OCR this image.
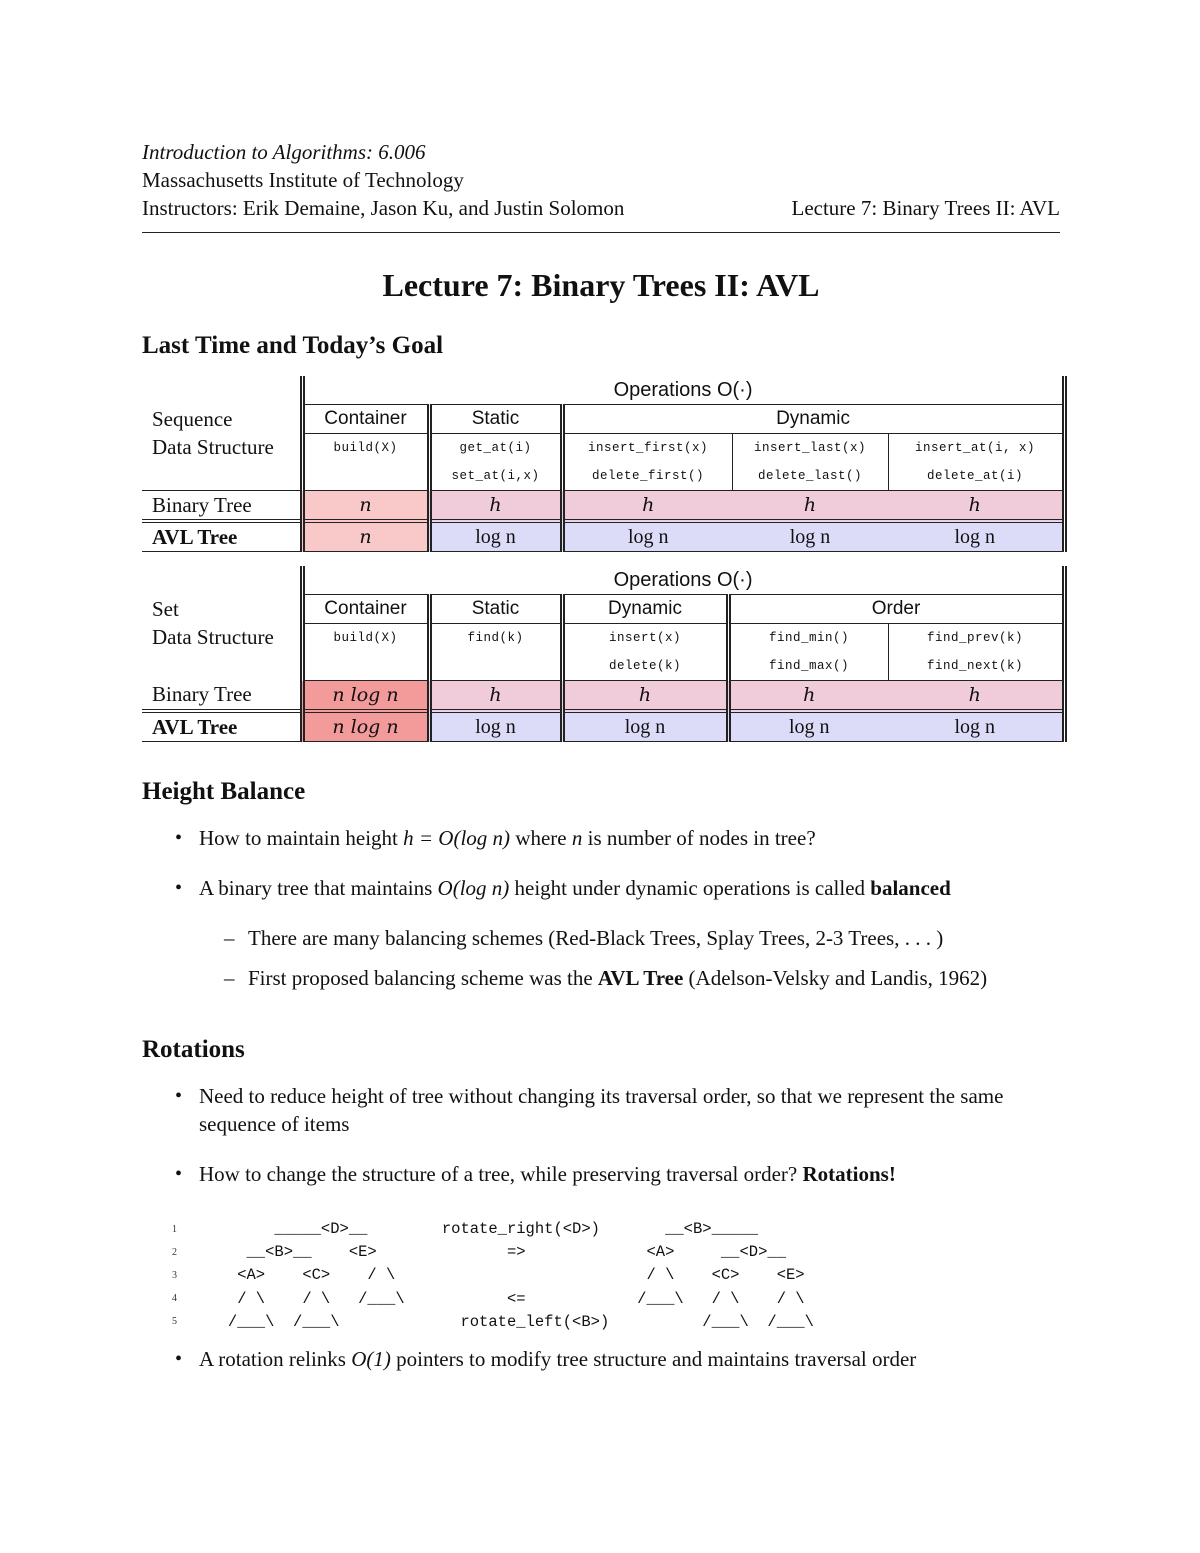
Introduction to Algorithms: 6.006
Massachusetts Institute of Technology
Instructors: Erik Demaine, Jason Ku, and Justin Solomon	Lecture 7: Binary Trees II: AVL
Lecture 7: Binary Trees II: AVL
Last Time and Today’s Goal
	Operations O(·)				

Sequence
Data Structure	Container	Static	Dynamic		
	build(X)	get_at(i)	insert_first(x)	insert_last(x)	insert_at(i, x)
		set_at(i,x)	delete_first()	delete_last()	delete_at(i)
Binary Tree	n	h	h	h	h
AVL Tree	n	log n	log n	log n	log n
	Operations O(·)				

Set
Data Structure	Container	Static	Dynamic	Order	
	build(X)	find(k)	insert(x)	find_min()	find_prev(k)
			delete(k)	find_max()	find_next(k)
Binary Tree	n log n	h	h	h	h
AVL Tree	n log n	log n	log n	log n	log n
Height Balance
• How to maintain height h = O(log n) where n is number of nodes in tree?
• A binary tree that maintains O(log n) height under dynamic operations is called balanced
– There are many balancing schemes (Red-Black Trees, Splay Trees, 2-3 Trees, . . . )
– First proposed balancing scheme was the AVL Tree (Adelson-Velsky and Landis, 1962)
Rotations
• Need to reduce height of tree without changing its traversal order, so that we represent the same sequence of items
• How to change the structure of a tree, while preserving traversal order? Rotations!
1
2
3
4
5
_____<D>__        rotate_right(<D>)       __<B>_____
__<B>__    <E>              =>             <A>     __<D>__
<A>    <C>    / \                           / \    <C>    <E>
/ \    / \   /___\           <=            /___\   / \    / \
/___\  /___\             rotate_left(<B>)          /___\  /___\
• A rotation relinks O(1) pointers to modify tree structure and maintains traversal order
